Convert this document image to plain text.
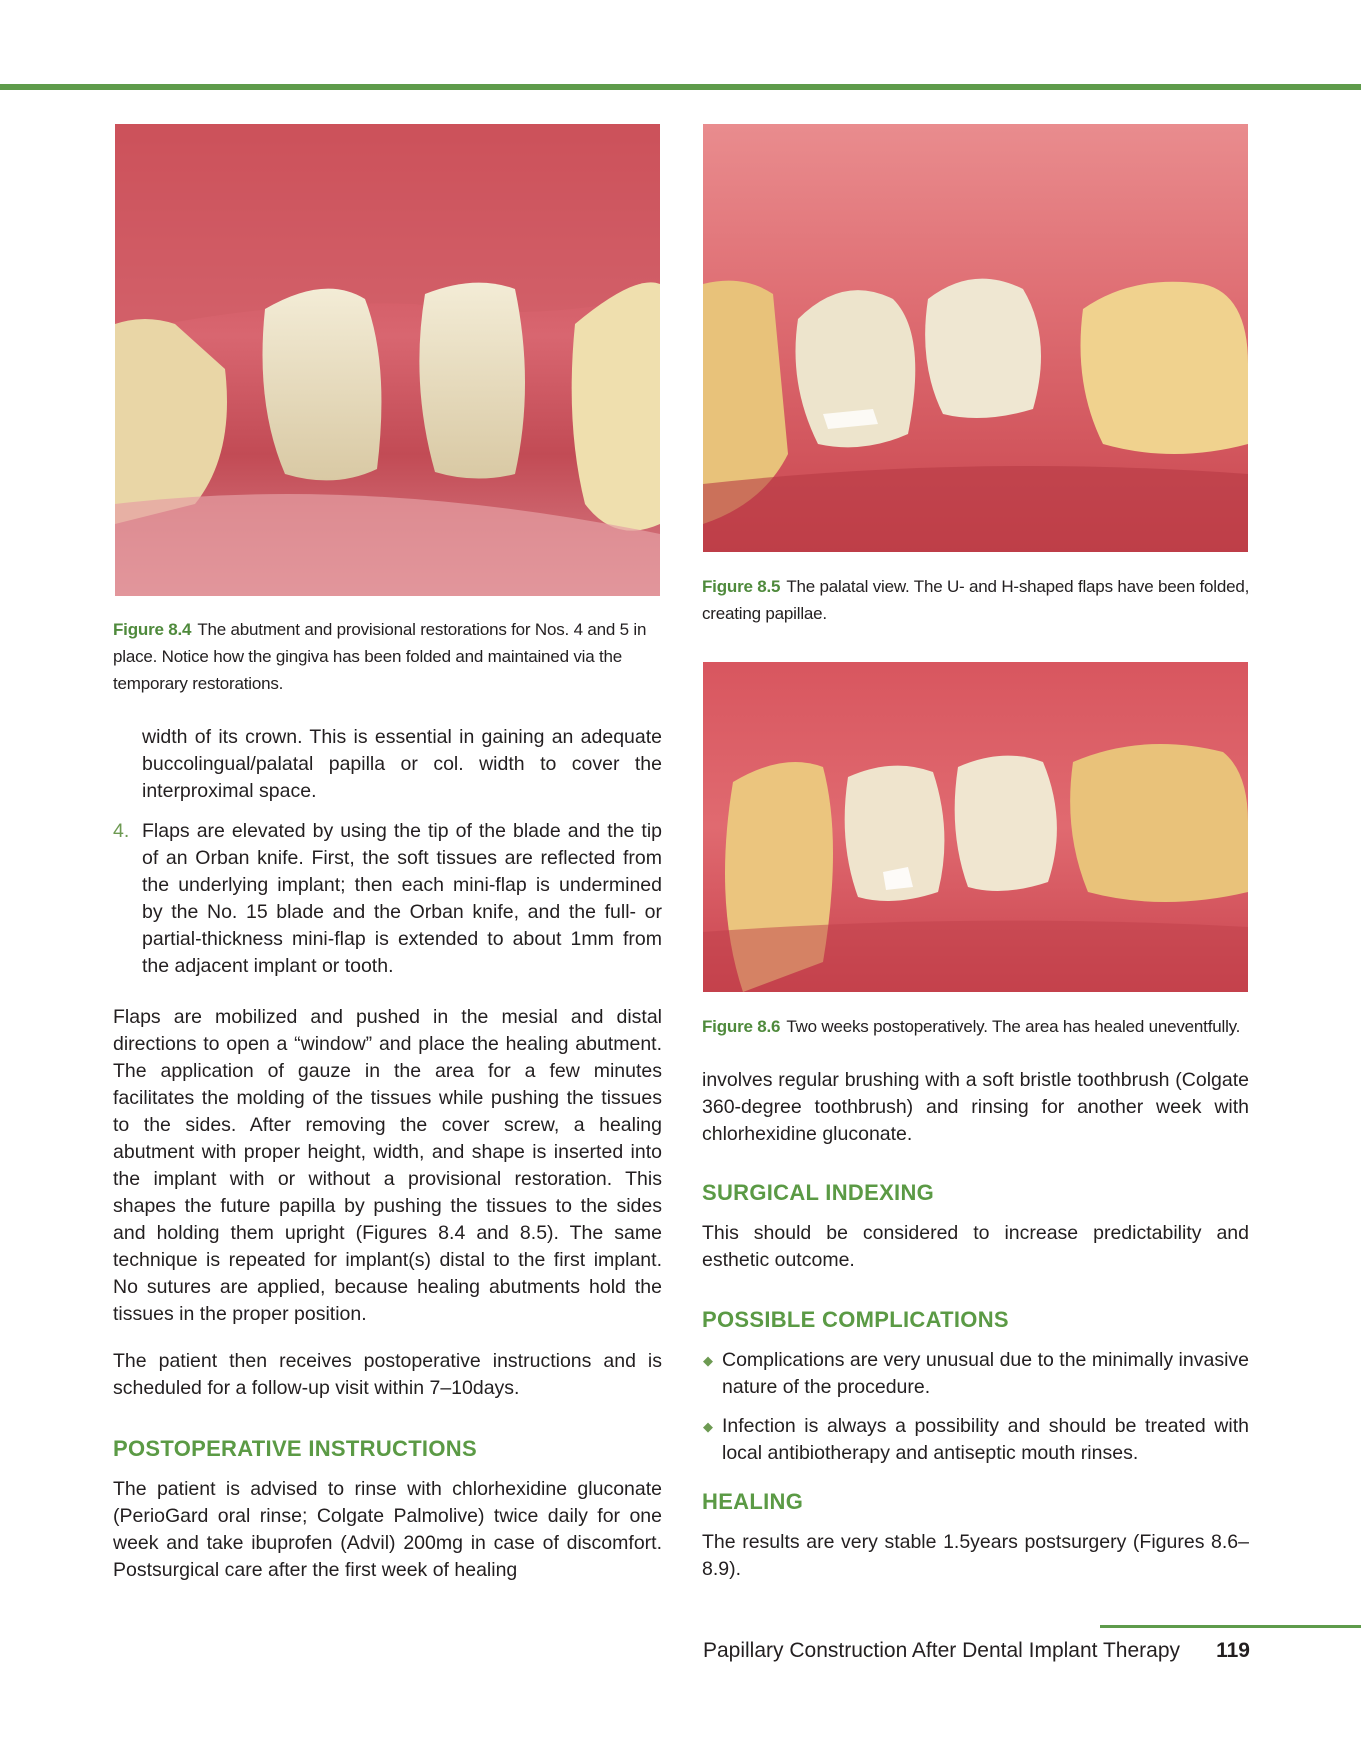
Figure 8.4 The abutment and provisional restorations for Nos. 4 and 5 in place. Notice how the gingiva has been folded and maintained via the temporary restorations.
Figure 8.5 The palatal view. The U- and H-shaped flaps have been folded, creating papillae.
Figure 8.6 Two weeks postoperatively. The area has healed uneventfully.

width of its crown. This is essential in gaining an adequate buccolingual/palatal papilla or col. width to cover the interproximal space.

4. Flaps are elevated by using the tip of the blade and the tip of an Orban knife. First, the soft tissues are reflected from the underlying implant; then each mini-flap is undermined by the No. 15 blade and the Orban knife, and the full- or partial-thickness mini-flap is extended to about 1mm from the adjacent implant or tooth.

Flaps are mobilized and pushed in the mesial and distal directions to open a “window” and place the healing abutment. The application of gauze in the area for a few minutes facilitates the molding of the tissues while pushing the tissues to the sides. After removing the cover screw, a healing abutment with proper height, width, and shape is inserted into the implant with or without a provisional restoration. This shapes the future papilla by pushing the tissues to the sides and holding them upright (Figures 8.4 and 8.5). The same technique is repeated for implant(s) distal to the first implant. No sutures are applied, because healing abutments hold the tissues in the proper position.

The patient then receives postoperative instructions and is scheduled for a follow-up visit within 7–10days.

POSTOPERATIVE INSTRUCTIONS

The patient is advised to rinse with chlorhexidine gluconate (PerioGard oral rinse; Colgate Palmolive) twice daily for one week and take ibuprofen (Advil) 200mg in case of discomfort. Postsurgical care after the first week of healing

involves regular brushing with a soft bristle toothbrush (Colgate 360-degree toothbrush) and rinsing for another week with chlorhexidine gluconate.

SURGICAL INDEXING

This should be considered to increase predictability and esthetic outcome.

POSSIBLE COMPLICATIONS
◆ Complications are very unusual due to the minimally invasive nature of the procedure.

◆ Infection is always a possibility and should be treated with local antibiotherapy and antiseptic mouth rinses.

HEALING

The results are very stable 1.5years postsurgery (Figures 8.6–8.9).

Papillary Construction After Dental Implant Therapy	119
